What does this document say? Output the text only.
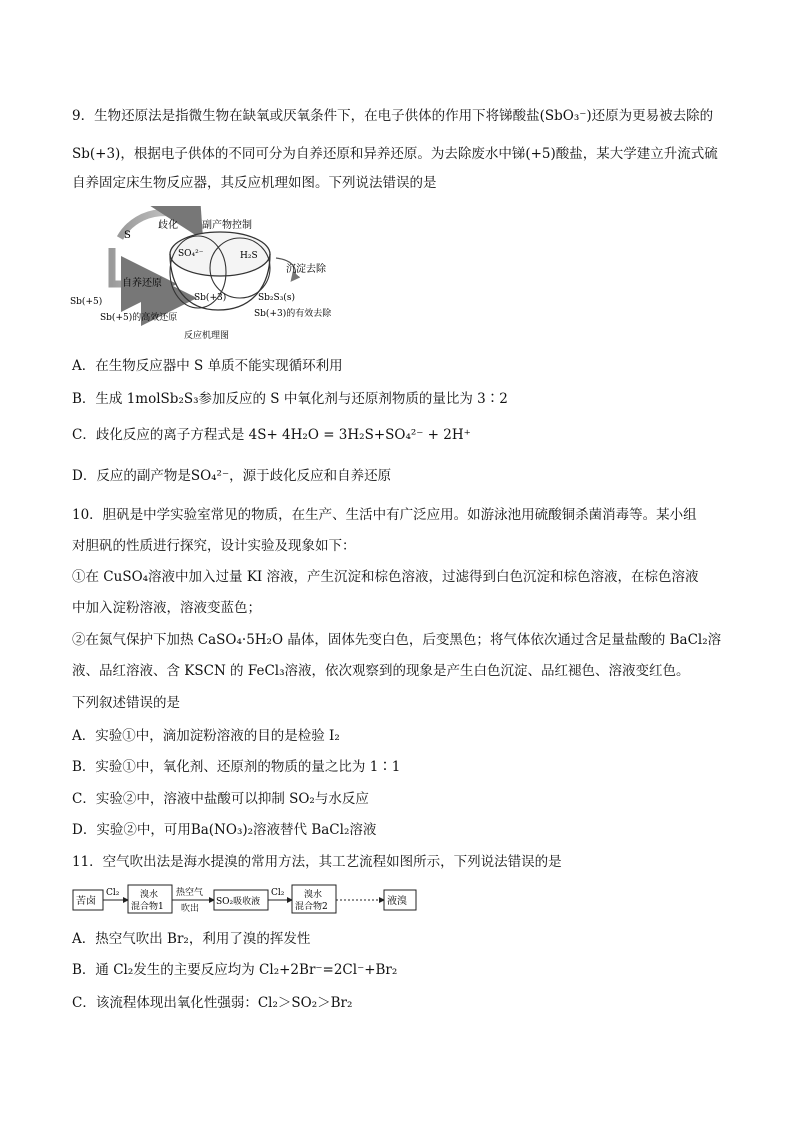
9．生物还原法是指微生物在缺氧或厌氧条件下，在电子供体的作用下将锑酸盐(SbO₃⁻)还原为更易被去除的
Sb(+3)，根据电子供体的不同可分为自养还原和异养还原。为去除废水中锑(+5)酸盐，某大学建立升流式硫
自养固定床生物反应器，其反应机理如图。下列说法错误的是
S
歧化 副产物控制
SO₄²⁻	H₂S
沉淀去除
自养还原
Sb(+5)	Sb(+3)	Sb₂S₃(s)
Sb(+5)的高效还原	Sb(+3)的有效去除
反应机理图
A．在生物反应器中 S 单质不能实现循环利用
B．生成 1molSb₂S₃参加反应的 S 中氧化剂与还原剂物质的量比为 3∶2
C．歧化反应的离子方程式是 4S+ 4H₂O = 3H₂S+SO₄²⁻ + 2H⁺
D．反应的副产物是SO₄²⁻，源于歧化反应和自养还原
10．胆矾是中学实验室常见的物质，在生产、生活中有广泛应用。如游泳池用硫酸铜杀菌消毒等。某小组
对胆矾的性质进行探究，设计实验及现象如下：
①在 CuSO₄溶液中加入过量 KI 溶液，产生沉淀和棕色溶液，过滤得到白色沉淀和棕色溶液，在棕色溶液
中加入淀粉溶液，溶液变蓝色；
②在氮气保护下加热 CaSO₄·5H₂O 晶体，固体先变白色，后变黑色；将气体依次通过含足量盐酸的 BaCl₂溶
液、品红溶液、含 KSCN 的 FeCl₃溶液，依次观察到的现象是产生白色沉淀、品红褪色、溶液变红色。
下列叙述错误的是
A．实验①中，滴加淀粉溶液的目的是检验 I₂
B．实验①中，氧化剂、还原剂的物质的量之比为 1∶1
C．实验②中，溶液中盐酸可以抑制 SO₂与水反应
D．实验②中，可用Ba(NO₃)₂溶液替代 BaCl₂溶液
11．空气吹出法是海水提溴的常用方法，其工艺流程如图所示，下列说法错误的是
苦卤
Cl₂ 溴水
混合物1
热空气
吹出
SO₂吸收液
Cl₂ 溴水
混合物2	液溴
A．热空气吹出 Br₂，利用了溴的挥发性
B．通 Cl₂发生的主要反应均为 Cl₂+2Br⁻=2Cl⁻+Br₂
C．该流程体现出氧化性强弱：Cl₂＞SO₂＞Br₂
